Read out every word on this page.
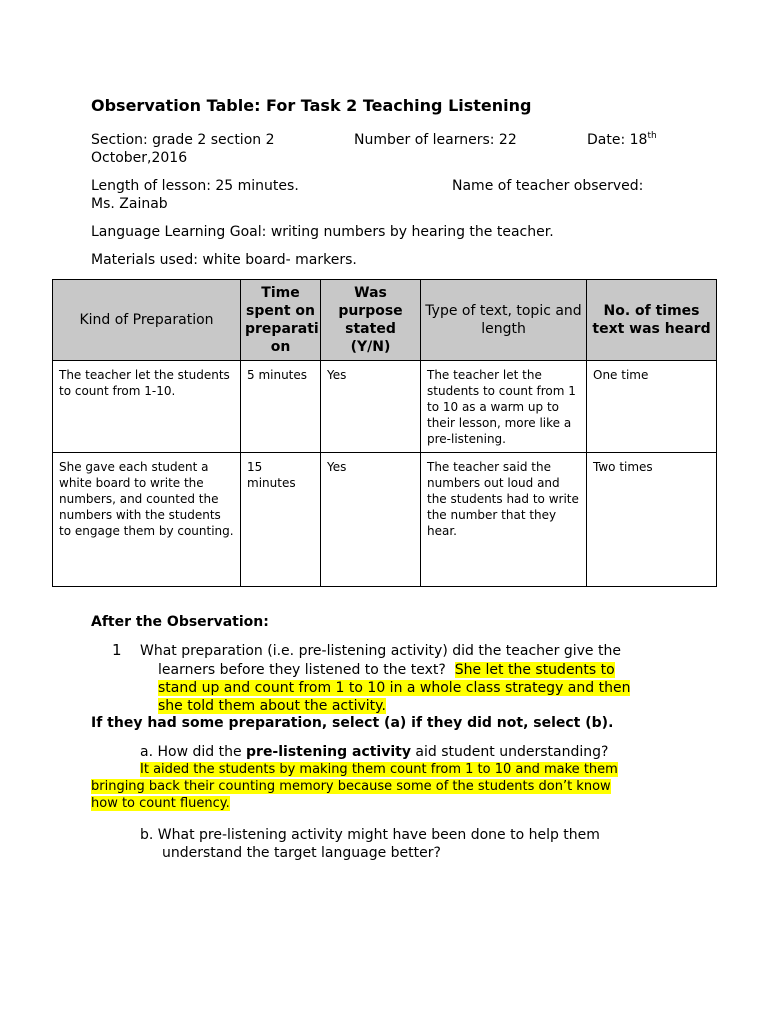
Observation Table: For Task 2 Teaching Listening
Section: grade 2 section 2	Number of learners: 22	Date: 18th
October,2016
Length of lesson: 25 minutes.	Name of teacher observed:
Ms. Zainab
Language Learning Goal: writing numbers by hearing the teacher.
Materials used: white board- markers.
Kind of Preparation	Time spent on preparati on	Was purpose stated (Y/N)	Type of text, topic and length	No. of times text was heard
The teacher let the students to count from 1-10.	5 minutes	Yes	The teacher let the students to count from 1 to 10 as a warm up to their lesson, more like a pre-listening.	One time
She gave each student a white board to write the numbers, and counted the numbers with the students to engage them by counting.	15 minutes	Yes	The teacher said the numbers out loud and the students had to write the number that they hear.	Two times
After the Observation:
1 What preparation (i.e. pre-listening activity) did the teacher give the
learners before they listened to the text? She let the students to
stand up and count from 1 to 10 in a whole class strategy and then
she told them about the activity.
If they had some preparation, select (a) if they did not, select (b).
a. How did the pre-listening activity aid student understanding?
It aided the students by making them count from 1 to 10 and make them
bringing back their counting memory because some of the students don’t know
how to count fluency.
b. What pre-listening activity might have been done to help them
understand the target language better?
